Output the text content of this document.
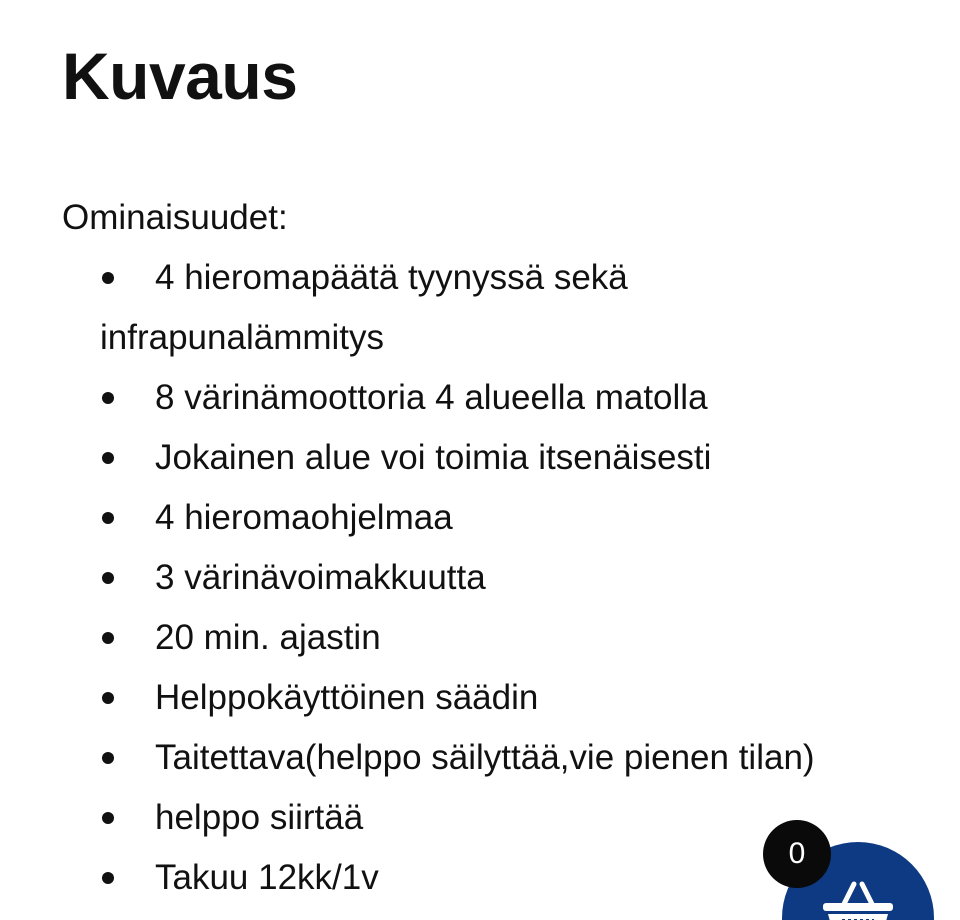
Kuvaus

Ominaisuudet:

4 hieromapäätä tyynyssä sekä infrapunalämmitys
8 värinämoottoria 4 alueella matolla
Jokainen alue voi toimia itsenäisesti
4 hieromaohjelmaa
3 värinävoimakkuutta
20 min. ajastin
Helppokäyttöinen säädin
Taitettava(helppo säilyttää,vie pienen tilan)
helppo siirtää
Takuu 12kk/1v
0
